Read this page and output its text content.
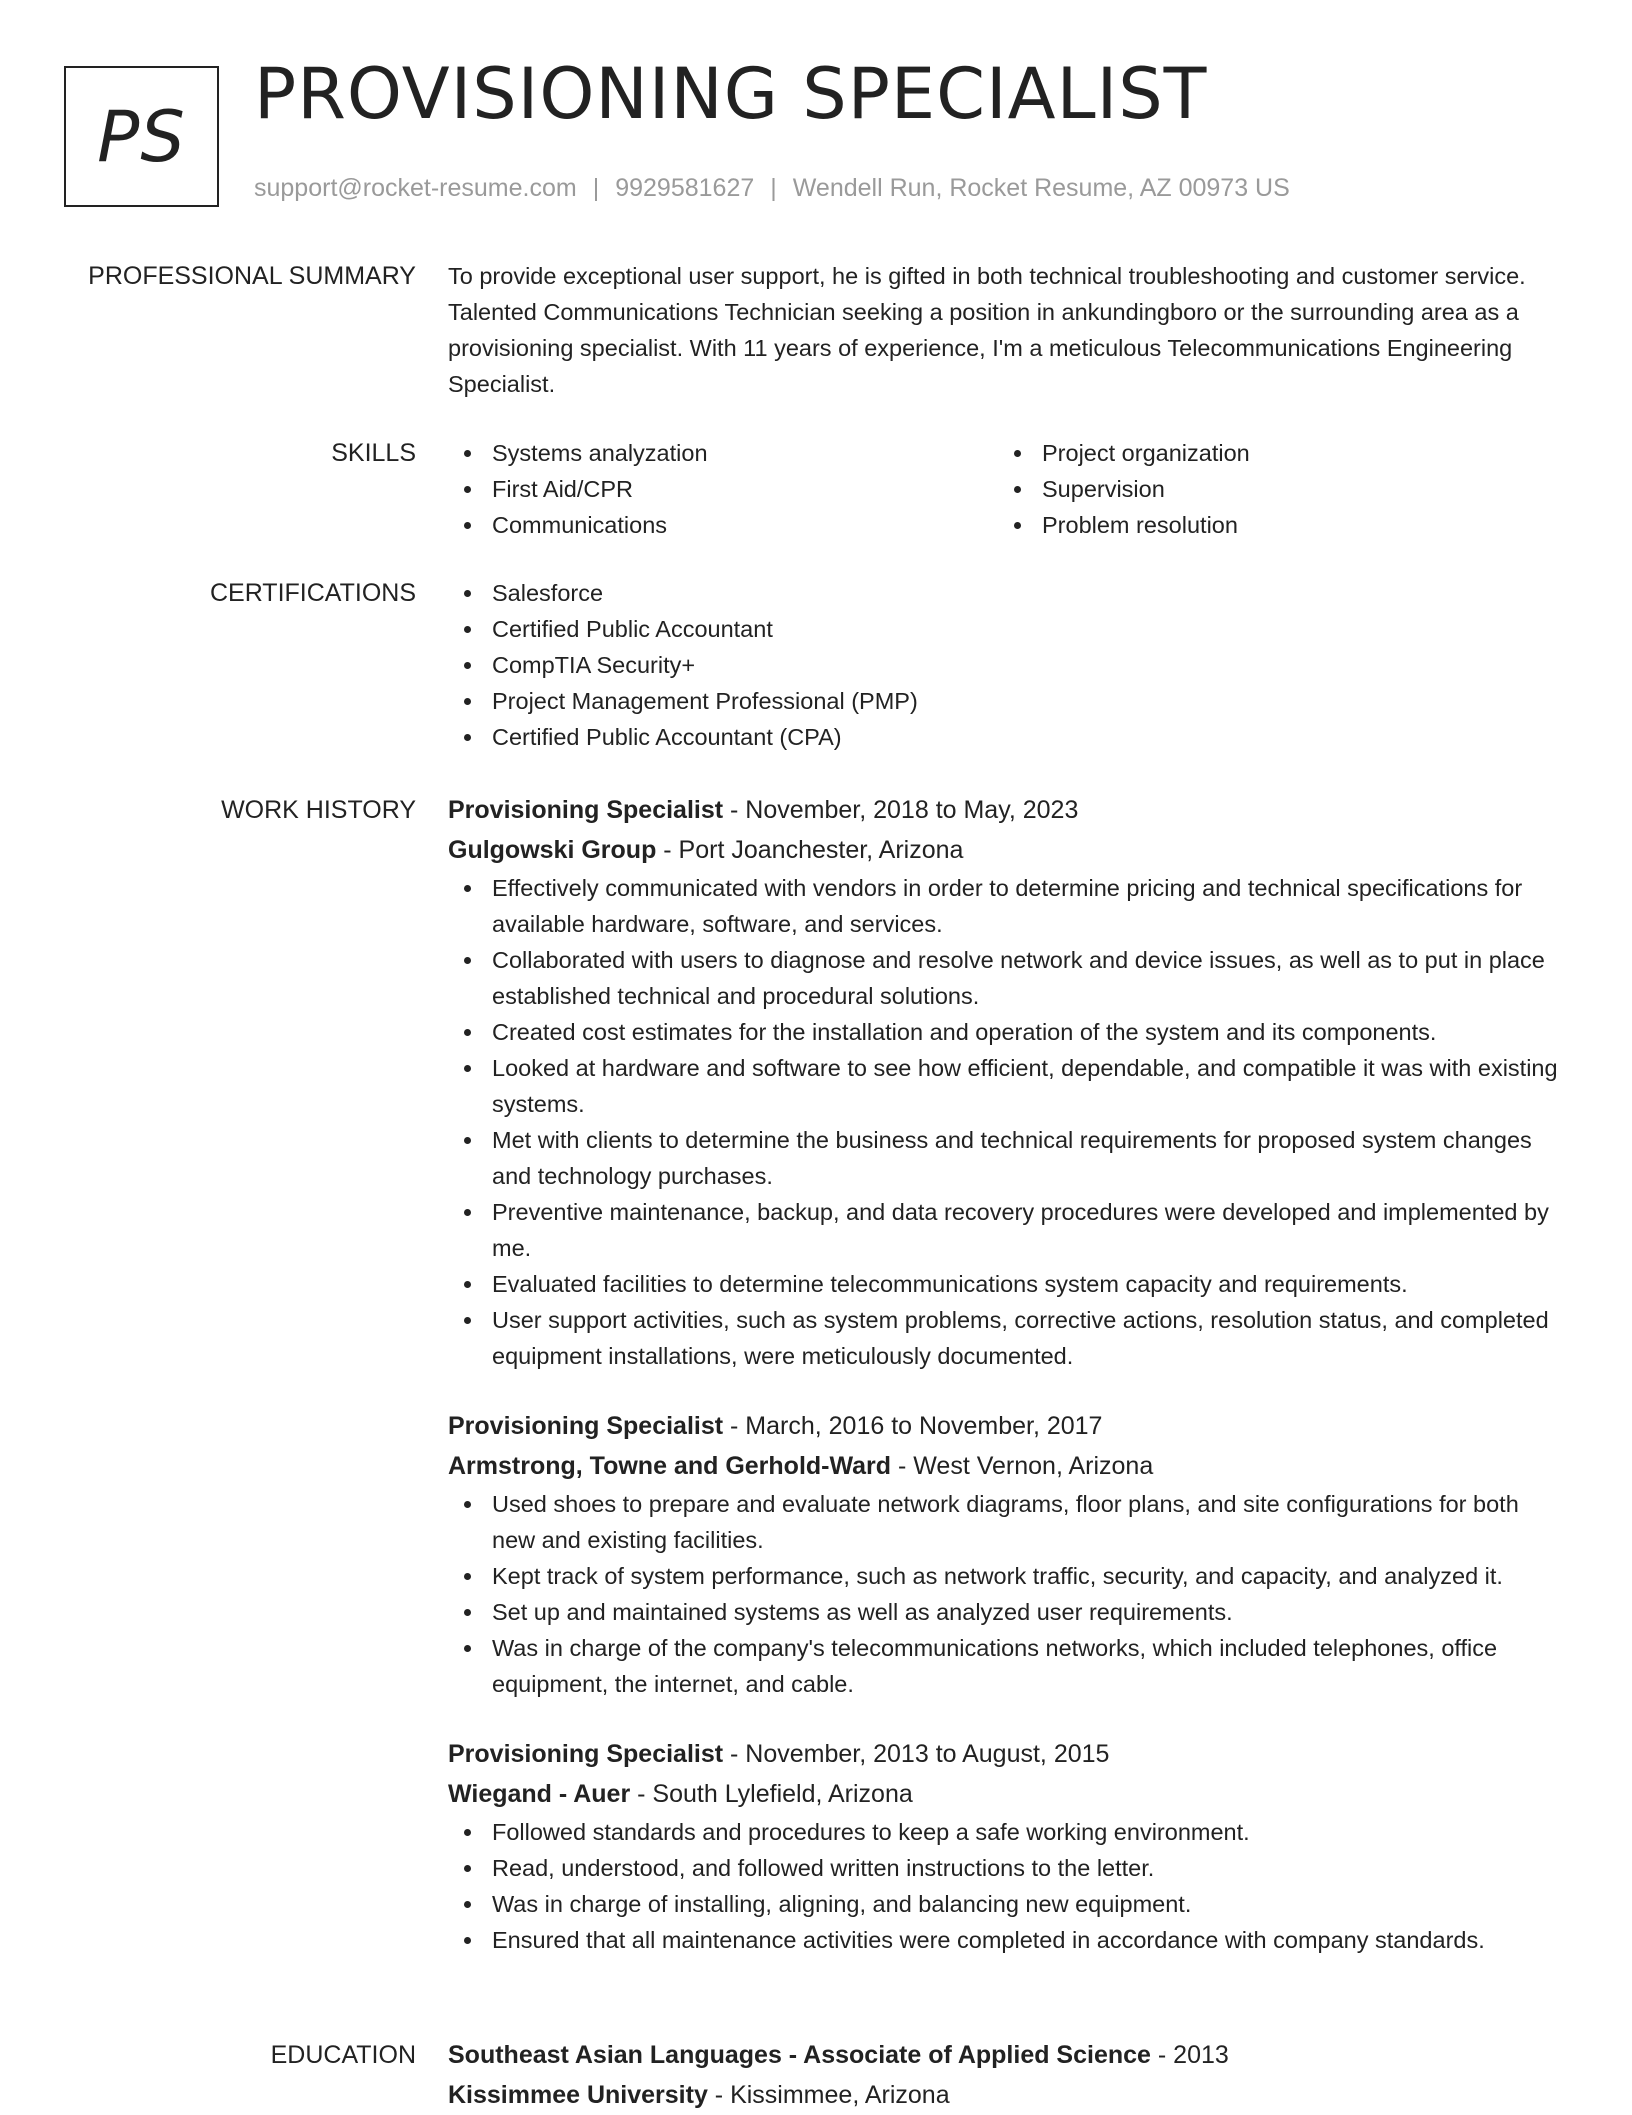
PS
PROVISIONING SPECIALIST
support@rocket-resume.com | 9929581627 | Wendell Run, Rocket Resume, AZ 00973 US
PROFESSIONAL SUMMARY To provide exceptional user support, he is gifted in both technical troubleshooting and customer service. Talented Communications Technician seeking a position in ankundingboro or the surrounding area as a provisioning specialist. With 11 years of experience, I'm a meticulous Telecommunications Engineering Specialist.

SKILLS	Systems analyzation
First Aid/CPR
Communications
Project organization
Supervision
Problem resolution
CERTIFICATIONS	Salesforce
Certified Public Accountant
CompTIA Security+
Project Management Professional (PMP)
Certified Public Accountant (CPA)
WORK HISTORY Provisioning Specialist - November, 2018 to May, 2023
Gulgowski Group - Port Joanchester, Arizona
Effectively communicated with vendors in order to determine pricing and technical specifications for available hardware, software, and services.
Collaborated with users to diagnose and resolve network and device issues, as well as to put in place established technical and procedural solutions.
Created cost estimates for the installation and operation of the system and its components.
Looked at hardware and software to see how efficient, dependable, and compatible it was with existing systems.
Met with clients to determine the business and technical requirements for proposed system changes and technology purchases.
Preventive maintenance, backup, and data recovery procedures were developed and implemented by me.
Evaluated facilities to determine telecommunications system capacity and requirements.
User support activities, such as system problems, corrective actions, resolution status, and completed equipment installations, were meticulously documented.
Provisioning Specialist - March, 2016 to November, 2017
Armstrong, Towne and Gerhold-Ward - West Vernon, Arizona
Used shoes to prepare and evaluate network diagrams, floor plans, and site configurations for both new and existing facilities.
Kept track of system performance, such as network traffic, security, and capacity, and analyzed it.
Set up and maintained systems as well as analyzed user requirements.
Was in charge of the company's telecommunications networks, which included telephones, office equipment, the internet, and cable.
Provisioning Specialist - November, 2013 to August, 2015
Wiegand - Auer - South Lylefield, Arizona
Followed standards and procedures to keep a safe working environment.
Read, understood, and followed written instructions to the letter.
Was in charge of installing, aligning, and balancing new equipment.
Ensured that all maintenance activities were completed in accordance with company standards.
EDUCATION Southeast Asian Languages - Associate of Applied Science - 2013
Kissimmee University - Kissimmee, Arizona
